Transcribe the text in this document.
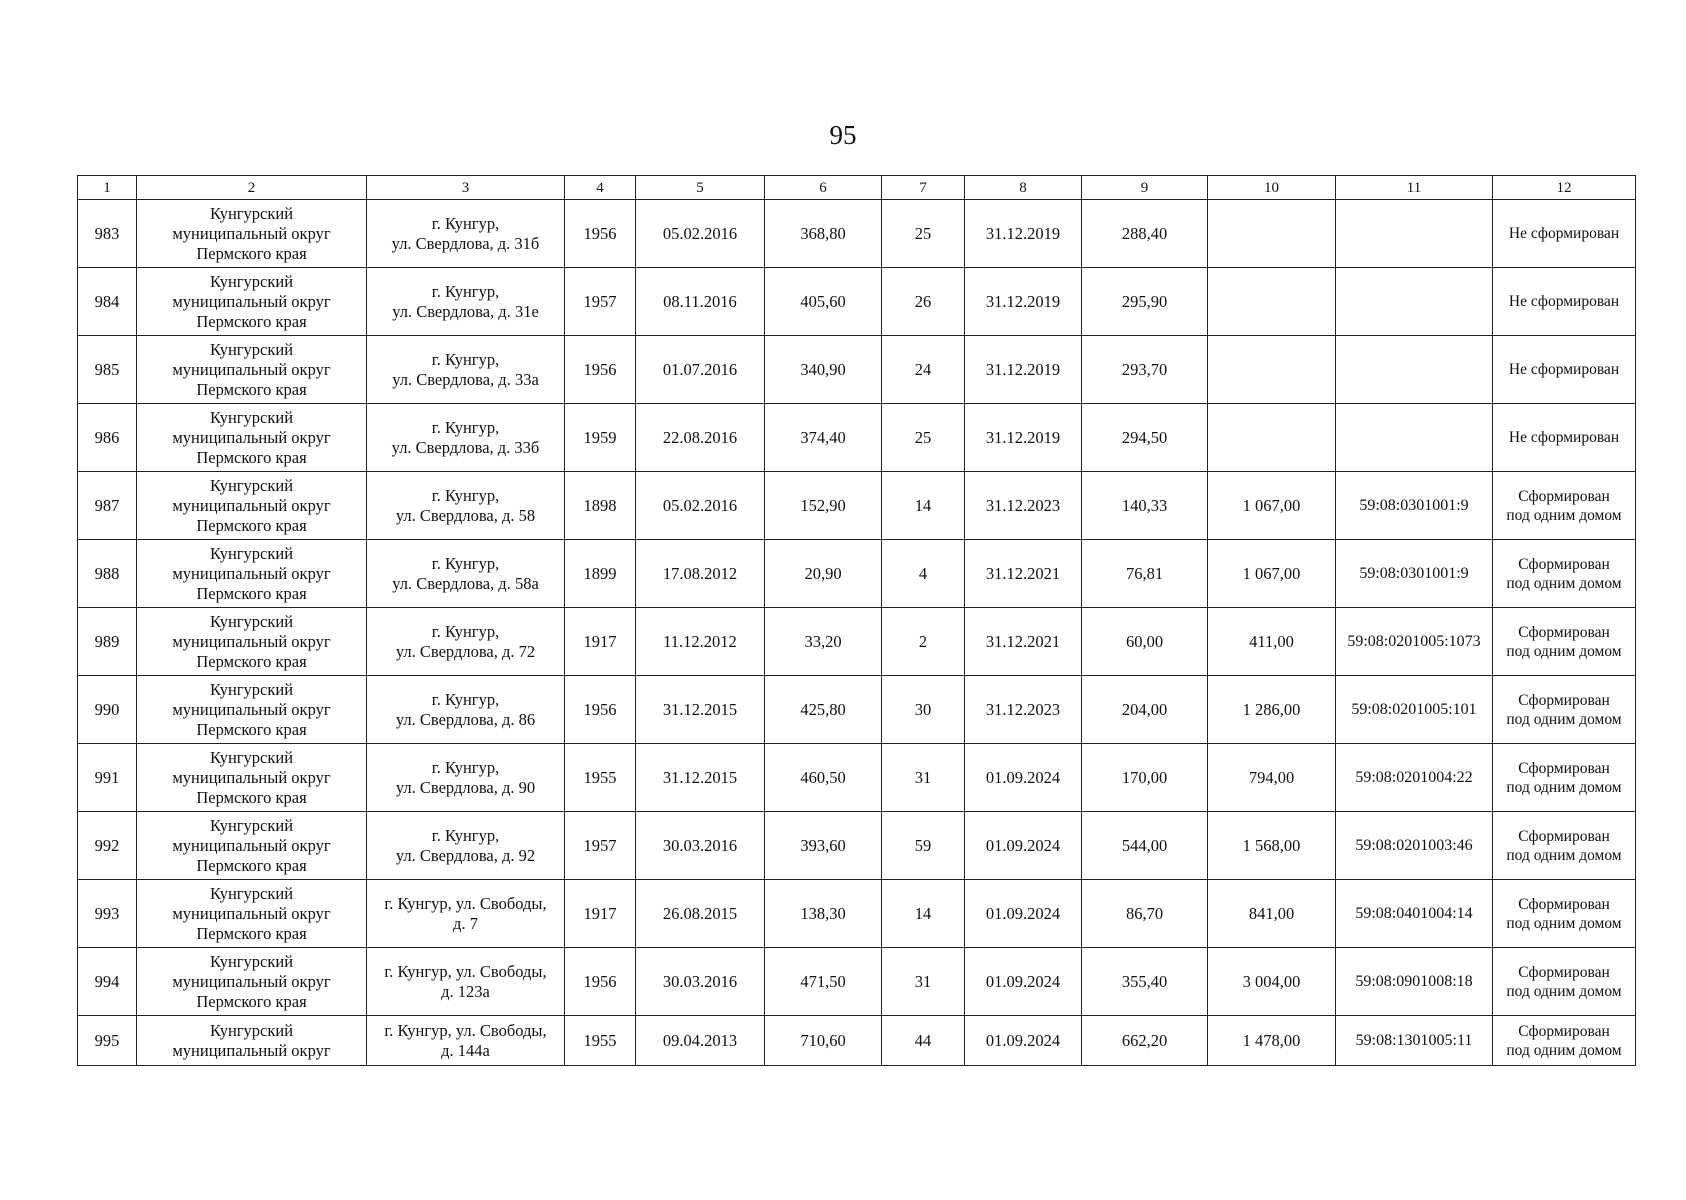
95
1	2	3	4	5	6	7	8	9	10	11	12
983	Кунгурский
муниципальный округ
Пермского края	г. Кунгур,
ул. Свердлова, д. 31б	1956	05.02.2016	368,80	25	31.12.2019	288,40			Не сформирован

984	Кунгурский
муниципальный округ
Пермского края	г. Кунгур,
ул. Свердлова, д. 31е	1957	08.11.2016	405,60	26	31.12.2019	295,90			Не сформирован

985	Кунгурский
муниципальный округ
Пермского края	г. Кунгур,
ул. Свердлова, д. 33а	1956	01.07.2016	340,90	24	31.12.2019	293,70			Не сформирован

986	Кунгурский
муниципальный округ
Пермского края	г. Кунгур,
ул. Свердлова, д. 33б	1959	22.08.2016	374,40	25	31.12.2019	294,50			Не сформирован

987	Кунгурский
муниципальный округ
Пермского края	г. Кунгур,
ул. Свердлова, д. 58	1898	05.02.2016	152,90	14	31.12.2023	140,33	1 067,00	59:08:0301001:9	Сформирован
под одним домом

988	Кунгурский
муниципальный округ
Пермского края	г. Кунгур,
ул. Свердлова, д. 58а	1899	17.08.2012	20,90	4	31.12.2021	76,81	1 067,00	59:08:0301001:9	Сформирован
под одним домом

989	Кунгурский
муниципальный округ
Пермского края	г. Кунгур,
ул. Свердлова, д. 72	1917	11.12.2012	33,20	2	31.12.2021	60,00	411,00	59:08:0201005:1073	Сформирован
под одним домом

990	Кунгурский
муниципальный округ
Пермского края	г. Кунгур,
ул. Свердлова, д. 86	1956	31.12.2015	425,80	30	31.12.2023	204,00	1 286,00	59:08:0201005:101	Сформирован
под одним домом

991	Кунгурский
муниципальный округ
Пермского края	г. Кунгур,
ул. Свердлова, д. 90	1955	31.12.2015	460,50	31	01.09.2024	170,00	794,00	59:08:0201004:22	Сформирован
под одним домом

992	Кунгурский
муниципальный округ
Пермского края	г. Кунгур,
ул. Свердлова, д. 92	1957	30.03.2016	393,60	59	01.09.2024	544,00	1 568,00	59:08:0201003:46	Сформирован
под одним домом

993	Кунгурский
муниципальный округ
Пермского края	г. Кунгур, ул. Свободы,
д. 7	1917	26.08.2015	138,30	14	01.09.2024	86,70	841,00	59:08:0401004:14	Сформирован
под одним домом

994	Кунгурский
муниципальный округ
Пермского края	г. Кунгур, ул. Свободы,
д. 123а	1956	30.03.2016	471,50	31	01.09.2024	355,40	3 004,00	59:08:0901008:18	Сформирован
под одним домом

995	Кунгурский
муниципальный округ	г. Кунгур, ул. Свободы,
д. 144а	1955	09.04.2013	710,60	44	01.09.2024	662,20	1 478,00	59:08:1301005:11	Сформирован
под одним домом
